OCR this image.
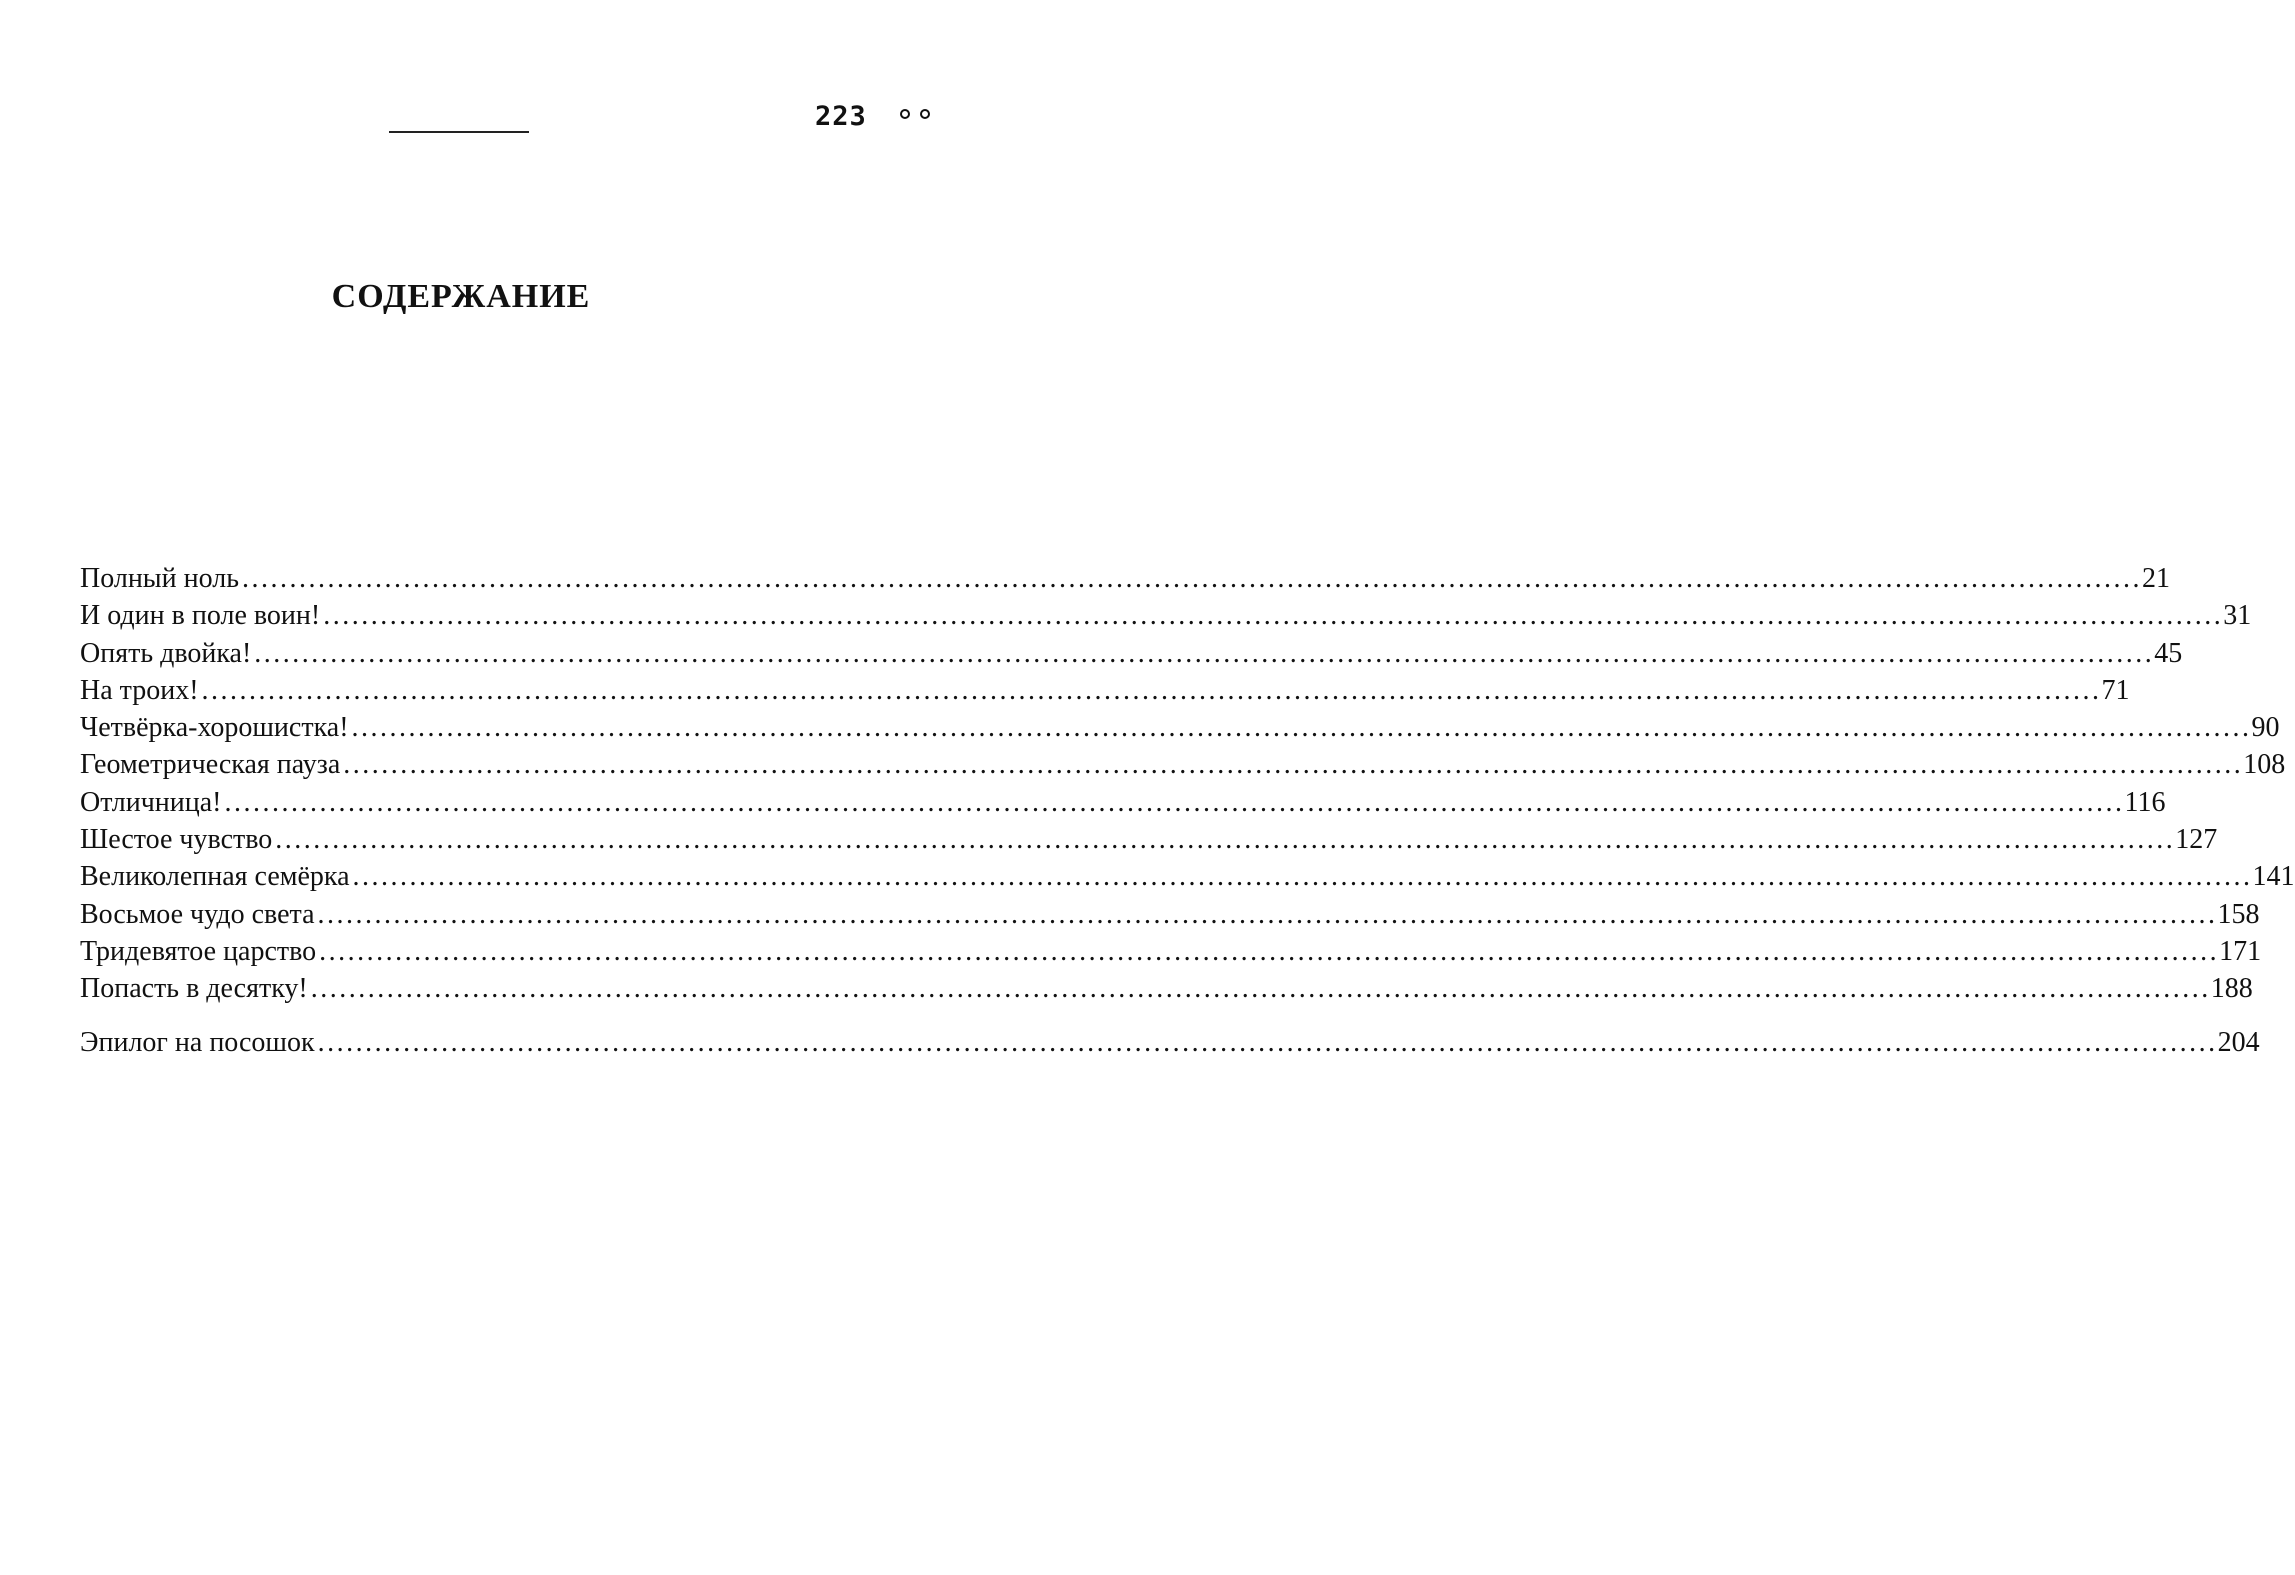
223
СОДЕРЖАНИЕ
Полный ноль ........................................................................................................................................................................................................ 21
И один в поле воин! ........................................................................................................................................................................................................ 31
Опять двойка! ........................................................................................................................................................................................................ 45
На троих! ........................................................................................................................................................................................................ 71
Четвёрка-хорошистка! ........................................................................................................................................................................................................ 90
Геометрическая пауза ........................................................................................................................................................................................................ 108
Отличница! ........................................................................................................................................................................................................ 116
Шестое чувство ........................................................................................................................................................................................................ 127
Великолепная семёрка ........................................................................................................................................................................................................ 141
Восьмое чудо света ........................................................................................................................................................................................................ 158
Тридевятое царство ........................................................................................................................................................................................................ 171
Попасть в десятку! ........................................................................................................................................................................................................ 188
Эпилог на посошок ........................................................................................................................................................................................................ 204
